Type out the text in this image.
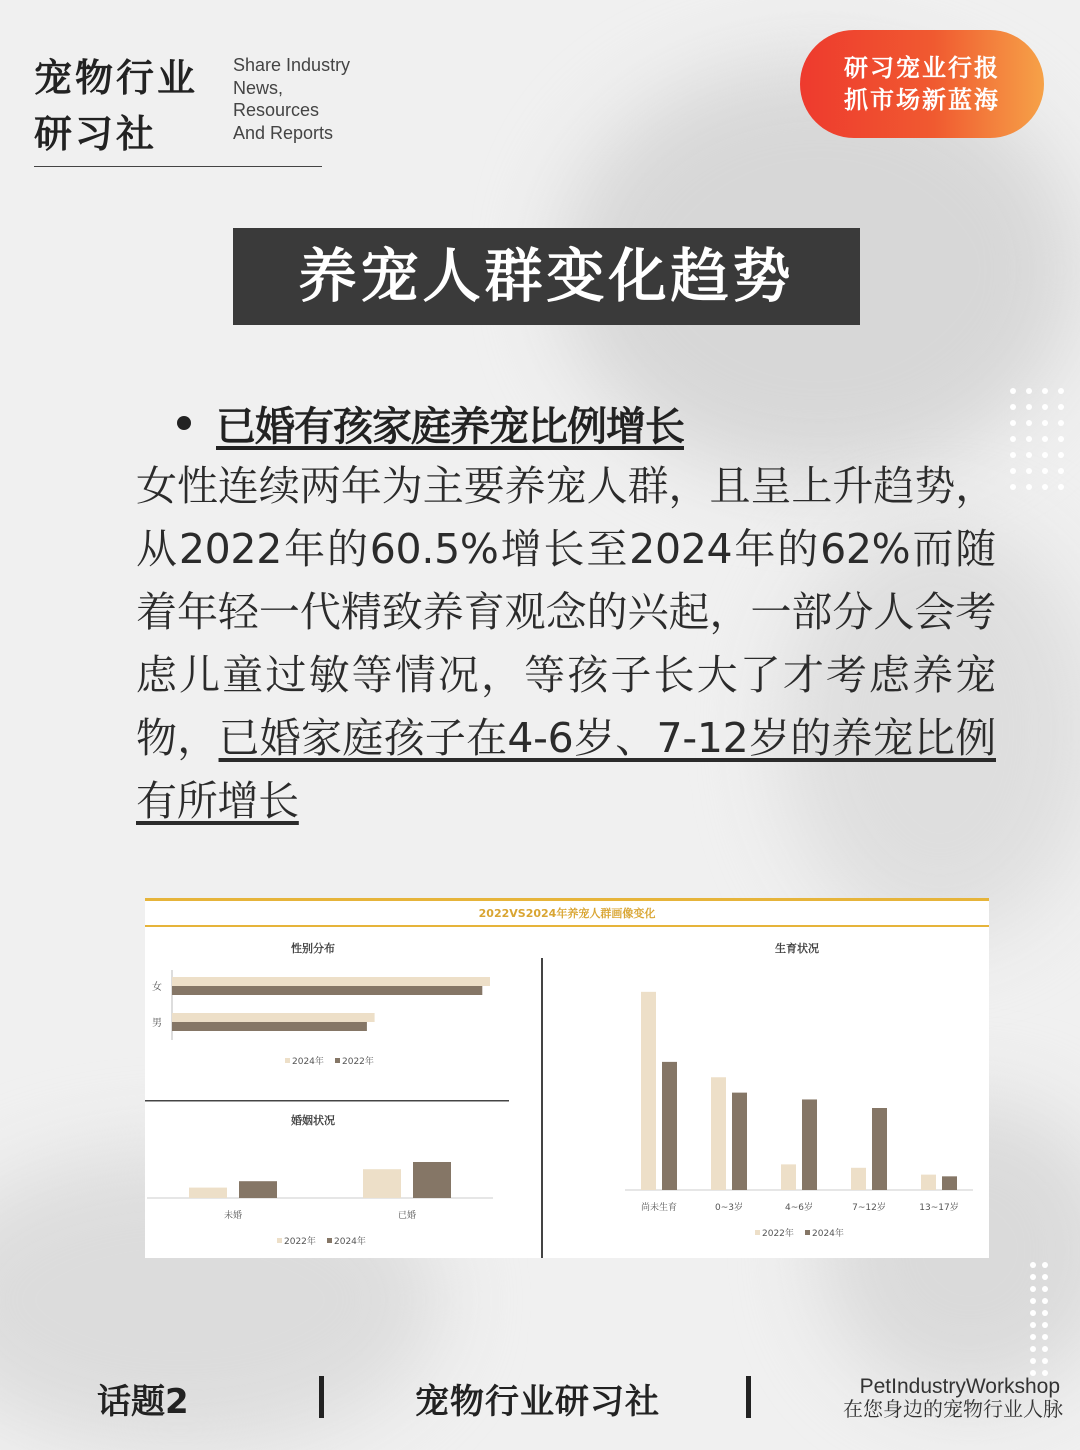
宠物行业
研习社
Share Industry
News,
Resources
And Reports
研习宠业行报
抓市场新蓝海
养宠人群变化趋势
已婚有孩家庭养宠比例增长
女性连续两年为主要养宠人群，且呈上升趋势，从2022年的60.5%增长至2024年的62%而随着年轻一代精致养育观念的兴起，一部分人会考虑儿童过敏等情况，等孩子长大了才考虑养宠物，已婚家庭孩子在4-6岁、7-12岁的养宠比例有所增长
2022VS2024年养宠人群画像变化
性别分布
女
男
2024年 2022年
婚姻状况
未婚	已婚
2022年 2024年
生育状况
尚未生育	0~3岁	4~6岁	7~12岁	13~17岁
2022年 2024年
话题2	宠物行业研习社	PetIndustryWorkshop
在您身边的宠物行业人脉
